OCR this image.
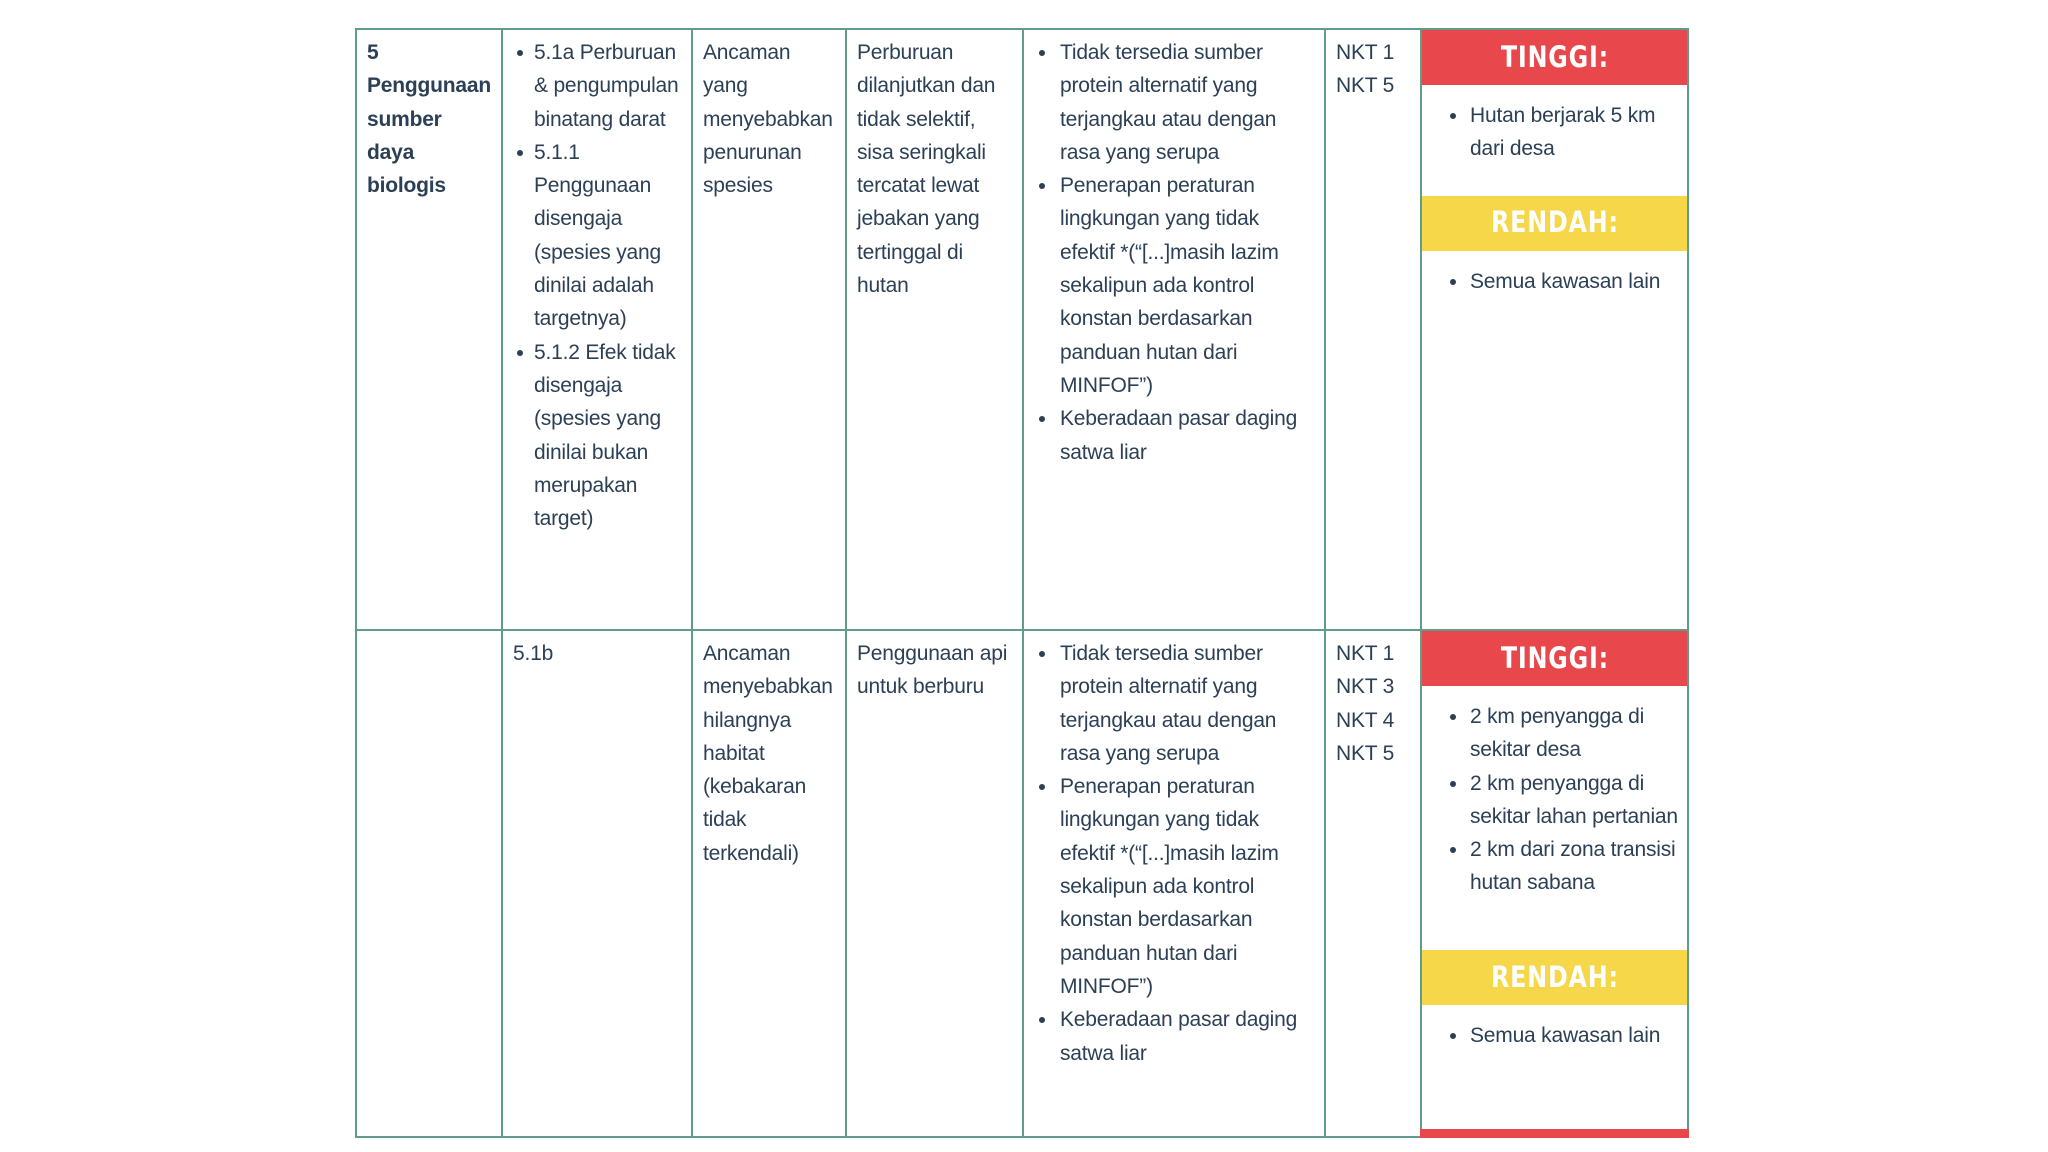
5
Penggunaan sumber daya biologis
5.1a Perburuan & pengumpulan binatang darat
5.1.1 Penggunaan disengaja (spesies yang dinilai adalah targetnya)
5.1.2 Efek tidak disengaja (spesies yang dinilai bukan merupakan target)
Ancaman yang menyebabkan penurunan spesies
Perburuan dilanjutkan dan tidak selektif, sisa seringkali tercatat lewat jebakan yang tertinggal di hutan
Tidak tersedia sumber protein alternatif yang terjangkau atau dengan rasa yang serupa
Penerapan peraturan lingkungan yang tidak efektif *(“[...]masih lazim sekalipun ada kontrol konstan berdasarkan panduan hutan dari MINFOF”)
Keberadaan pasar daging satwa liar
NKT 1
NKT 5
TINGGI:
Hutan berjarak 5 km dari desa
RENDAH:
Semua kawasan lain
5.1b	Ancaman menyebabkan hilangnya habitat (kebakaran tidak terkendali)
Penggunaan api untuk berburu
Tidak tersedia sumber protein alternatif yang terjangkau atau dengan rasa yang serupa
Penerapan peraturan lingkungan yang tidak efektif *(“[...]masih lazim sekalipun ada kontrol konstan berdasarkan panduan hutan dari MINFOF”)
Keberadaan pasar daging satwa liar
NKT 1
NKT 3
NKT 4
NKT 5
TINGGI:
2 km penyangga di sekitar desa
2 km penyangga di sekitar lahan pertanian
2 km dari zona transisi hutan sabana
RENDAH:
Semua kawasan lain
